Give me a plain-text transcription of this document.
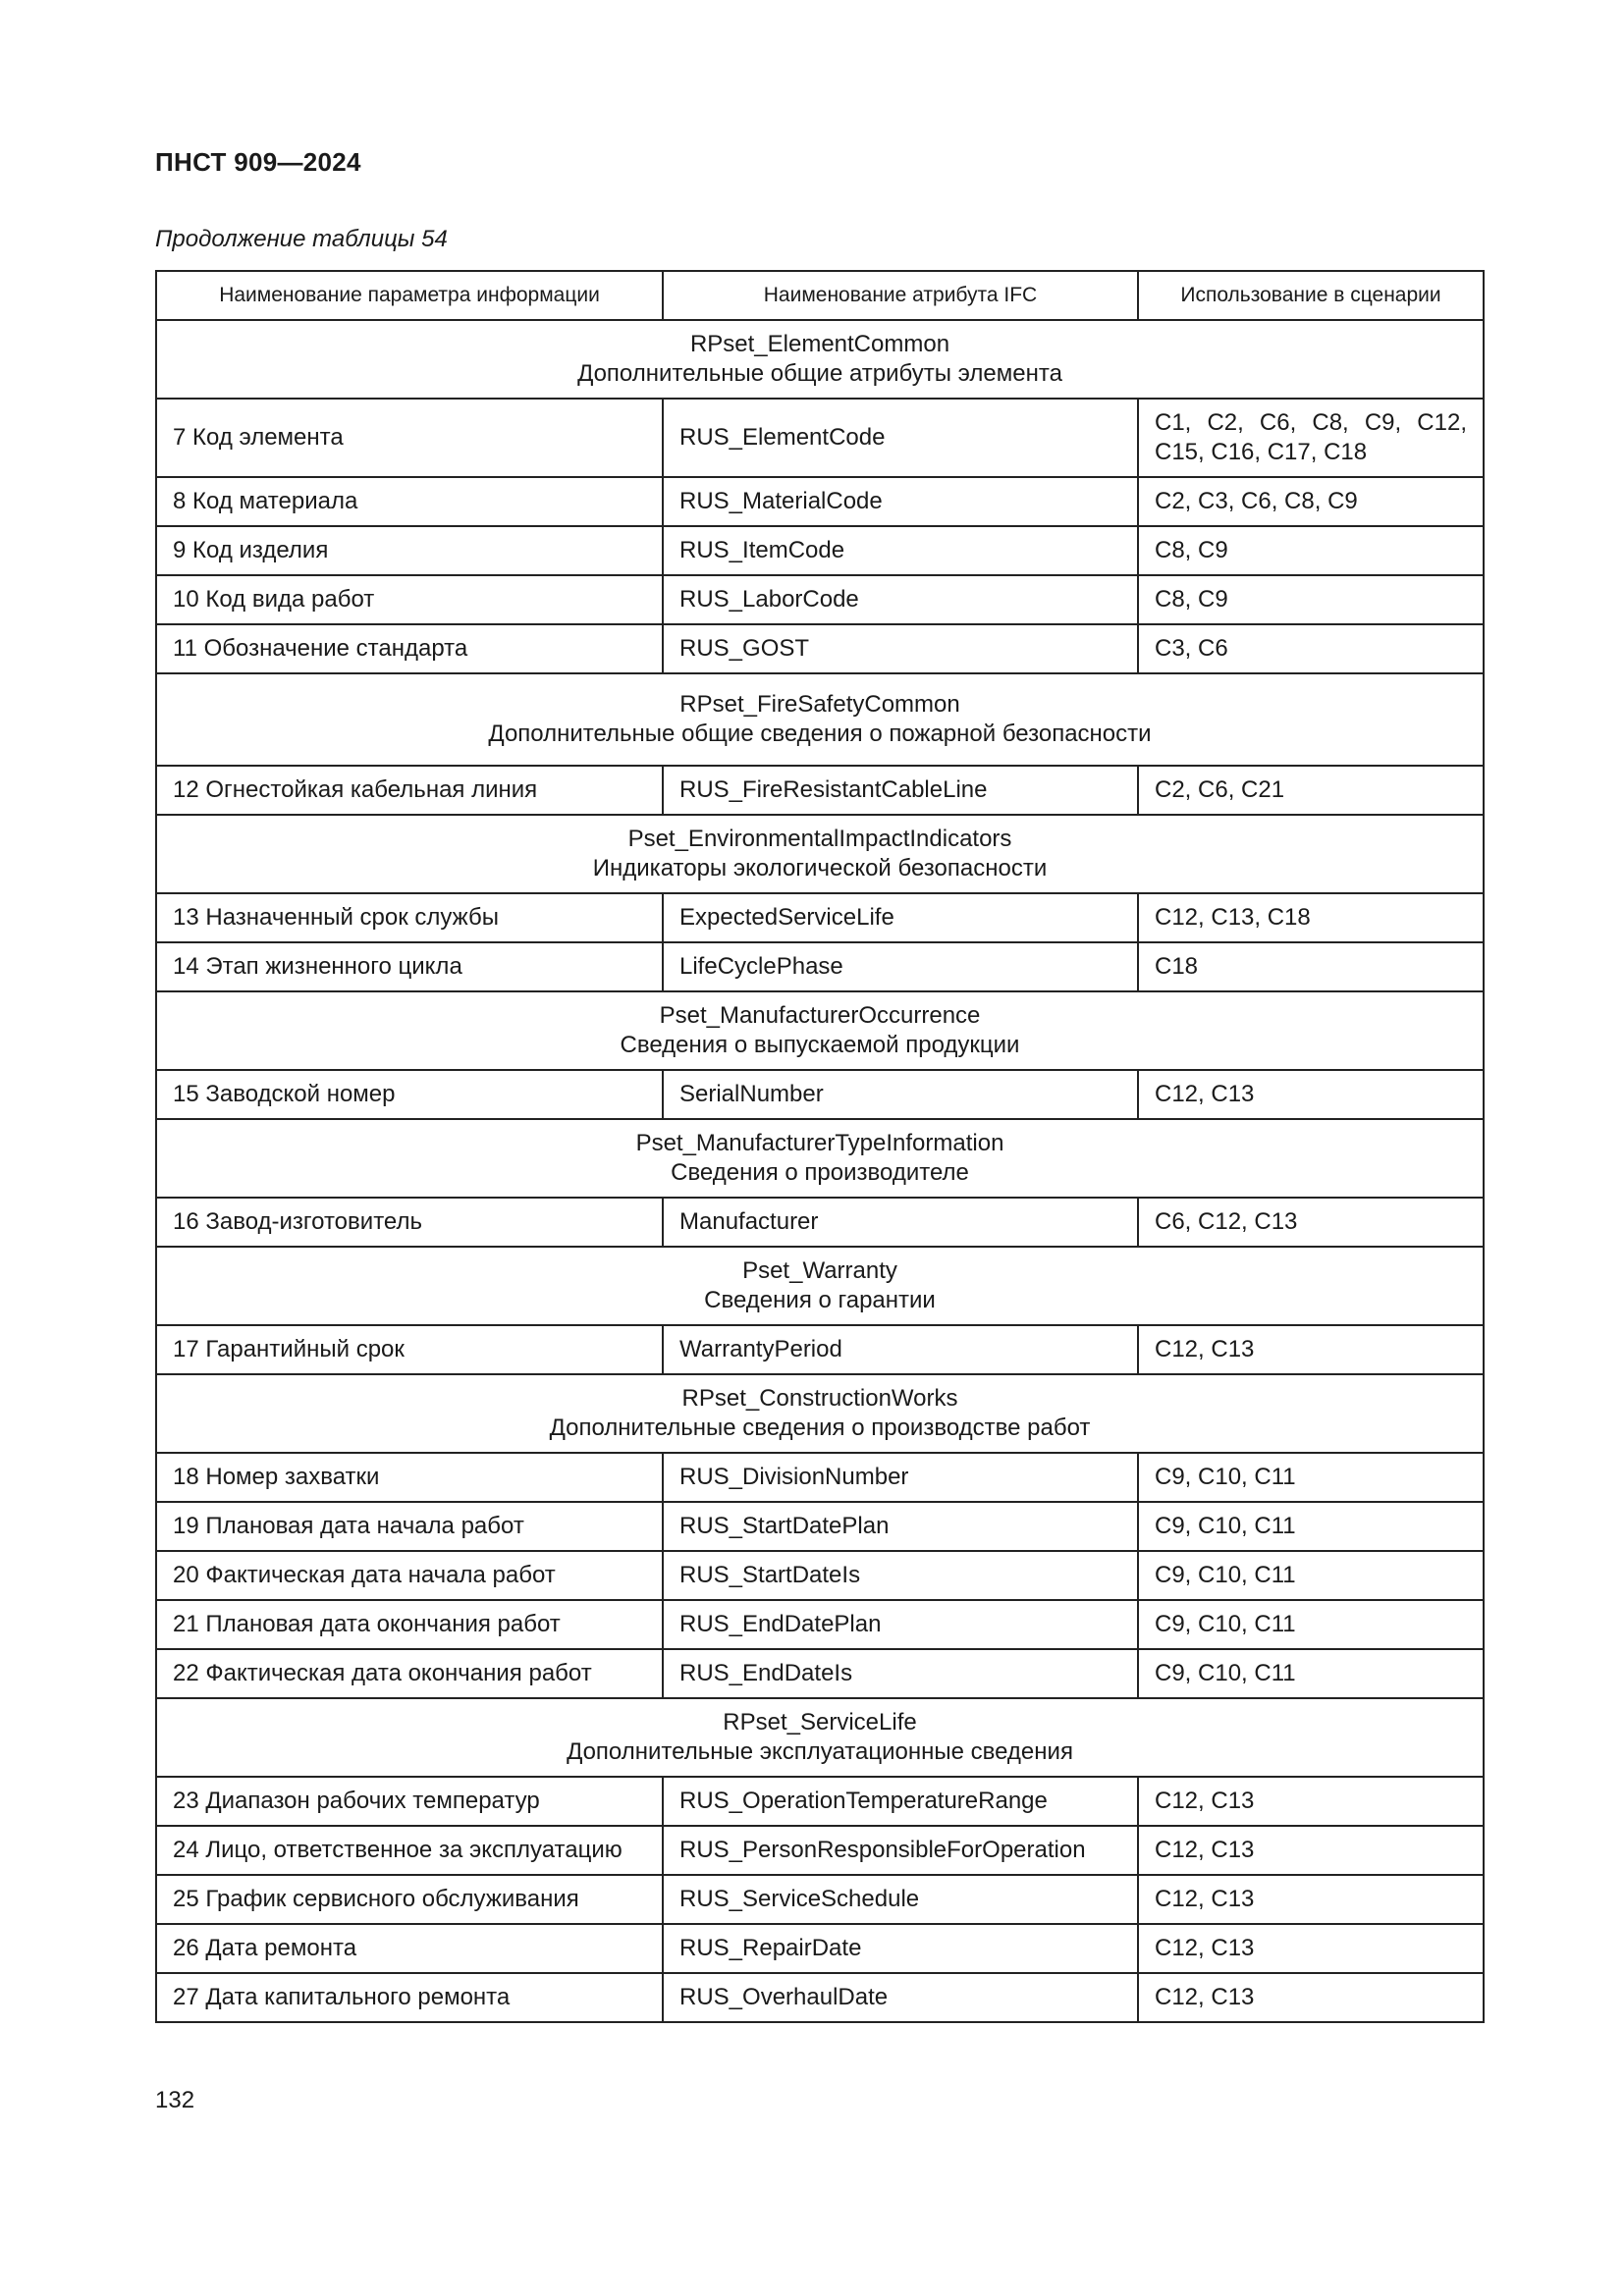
ПНСТ 909—2024
Продолжение таблицы 54
Наименование параметра информации	Наименование атрибута IFC	Использование в сценарии

RPset_ElementCommon
Дополнительные общие атрибуты элемента		

7 Код элемента	RUS_ElementCode	С1, С2, С6, С8, С9, С12, С15, С16, С17, С18
8 Код материала	RUS_MaterialCode	С2, С3, С6, С8, С9
9 Код изделия	RUS_ItemCode	С8, С9
10 Код вида работ	RUS_LaborCode	С8, С9
11 Обозначение стандарта	RUS_GOST	С3, С6

RPset_FireSafetyCommon
Дополнительные общие сведения о пожарной безопасности		

12 Огнестойкая кабельная линия	RUS_FireResistantCableLine	С2, С6, С21

Pset_EnvironmentalImpactIndicators
Индикаторы экологической безопасности		

13 Назначенный срок службы	ExpectedServiceLife	С12, С13, С18
14 Этап жизненного цикла	LifeCyclePhase	С18

Pset_ManufacturerOccurrence
Сведения о выпускаемой продукции		

15 Заводской номер	SerialNumber	С12, С13

Pset_ManufacturerTypeInformation
Сведения о производителе		

16 Завод-изготовитель	Manufacturer	С6, С12, С13

Pset_Warranty
Сведения о гарантии		

17 Гарантийный срок	WarrantyPeriod	С12, С13

RPset_ConstructionWorks
Дополнительные сведения о производстве работ		

18 Номер захватки	RUS_DivisionNumber	С9, С10, С11
19 Плановая дата начала работ	RUS_StartDatePlan	С9, С10, С11
20 Фактическая дата начала работ	RUS_StartDateIs	С9, С10, С11
21 Плановая дата окончания работ	RUS_EndDatePlan	С9, С10, С11
22 Фактическая дата окончания работ	RUS_EndDateIs	С9, С10, С11

RPset_ServiceLife
Дополнительные эксплуатационные сведения		

23 Диапазон рабочих температур	RUS_OperationTemperatureRange	С12, С13
24 Лицо, ответственное за эксплуатацию	RUS_PersonResponsibleForOperation	С12, С13
25 График сервисного обслуживания	RUS_ServiceSchedule	С12, С13
26 Дата ремонта	RUS_RepairDate	С12, С13
27 Дата капитального ремонта	RUS_OverhaulDate	С12, С13
132
